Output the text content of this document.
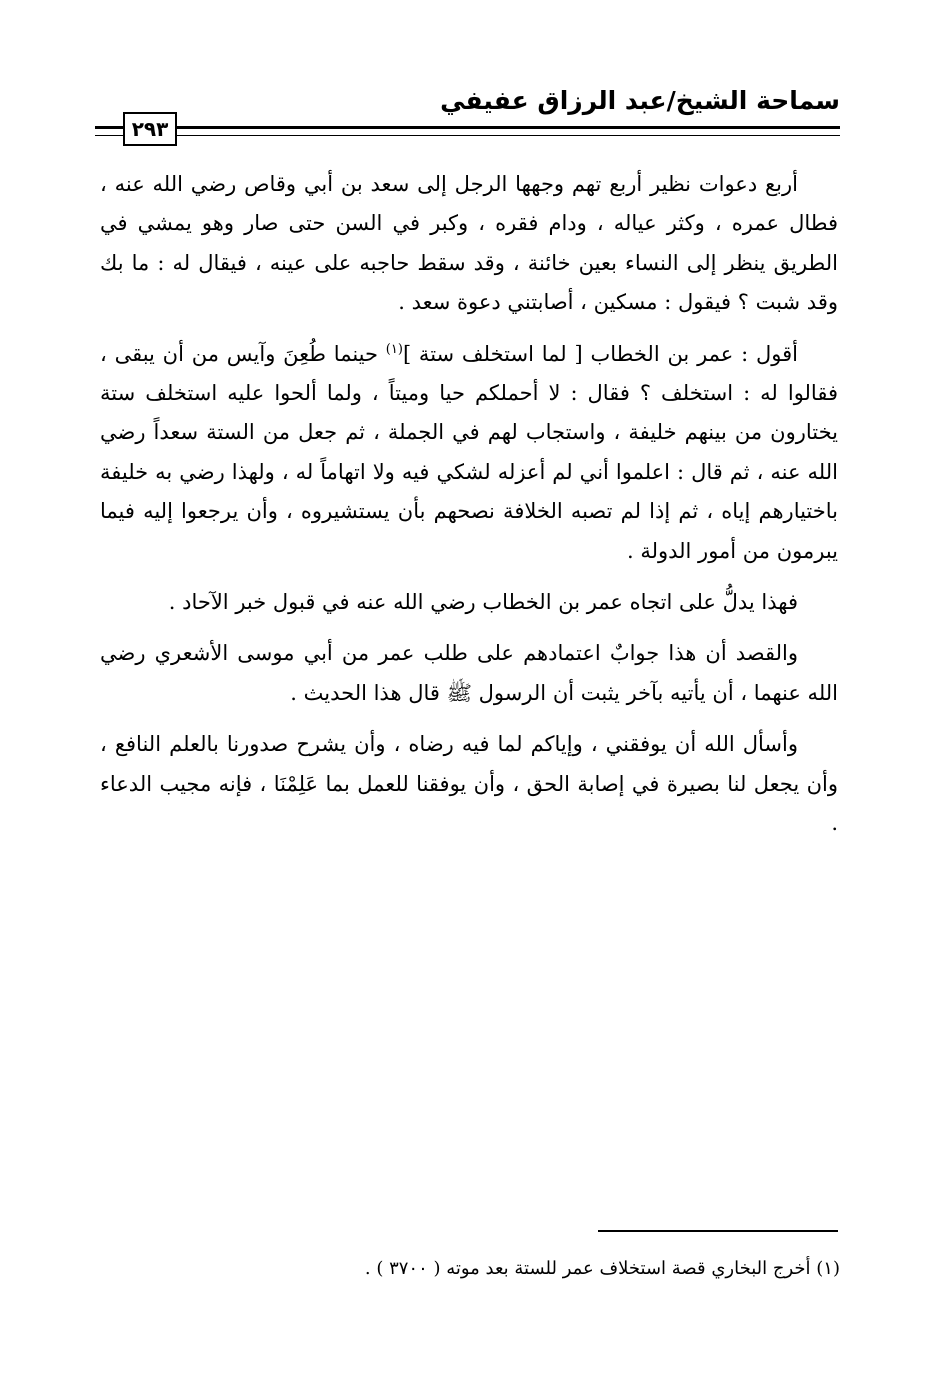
سماحة الشيخ/عبد الرزاق عفيفي
٢٩٣

أربع دعوات نظير أربع تهم وجهها الرجل إلى سعد بن أبي وقاص رضي الله عنه ، فطال عمره ، وكثر عياله ، ودام فقره ، وكبر في السن حتى صار وهو يمشي في الطريق ينظر إلى النساء بعين خائنة ، وقد سقط حاجبه على عينه ، فيقال له : ما بك وقد شبت ؟ فيقول : مسكين ، أصابتني دعوة سعد .

أقول : عمر بن الخطاب [ لما استخلف ستة ]$^{(١)}$ حينما طُعِنَ وآيس من أن يبقى ، فقالوا له : استخلف ؟ فقال : لا أحملكم حيا وميتاً ، ولما ألحوا عليه استخلف ستة يختارون من بينهم خليفة ، واستجاب لهم في الجملة ، ثم جعل من الستة سعداً رضي الله عنه ، ثم قال : اعلموا أني لم أعزله لشكي فيه ولا اتهاماً له ، ولهذا رضي به خليفة باختيارهم إياه ، ثم إذا لم تصبه الخلافة نصحهم بأن يستشيروه ، وأن يرجعوا إليه فيما يبرمون من أمور الدولة .

فهذا يدلُّ على اتجاه عمر بن الخطاب رضي الله عنه في قبول خبر الآحاد .

والقصد أن هذا جوابٌ اعتمادهم على طلب عمر من أبي موسى الأشعري رضي الله عنهما ، أن يأتيه بآخر يثبت أن الرسول ﷺ قال هذا الحديث .

وأسأل الله أن يوفقني ، وإياكم لما فيه رضاه ، وأن يشرح صدورنا بالعلم النافع ، وأن يجعل لنا بصيرة في إصابة الحق ، وأن يوفقنا للعمل بما عَلِمْنَا ، فإنه مجيب الدعاء .

(١) أخرج البخاري قصة استخلاف عمر للستة بعد موته ( ٣٧٠٠ ) .
